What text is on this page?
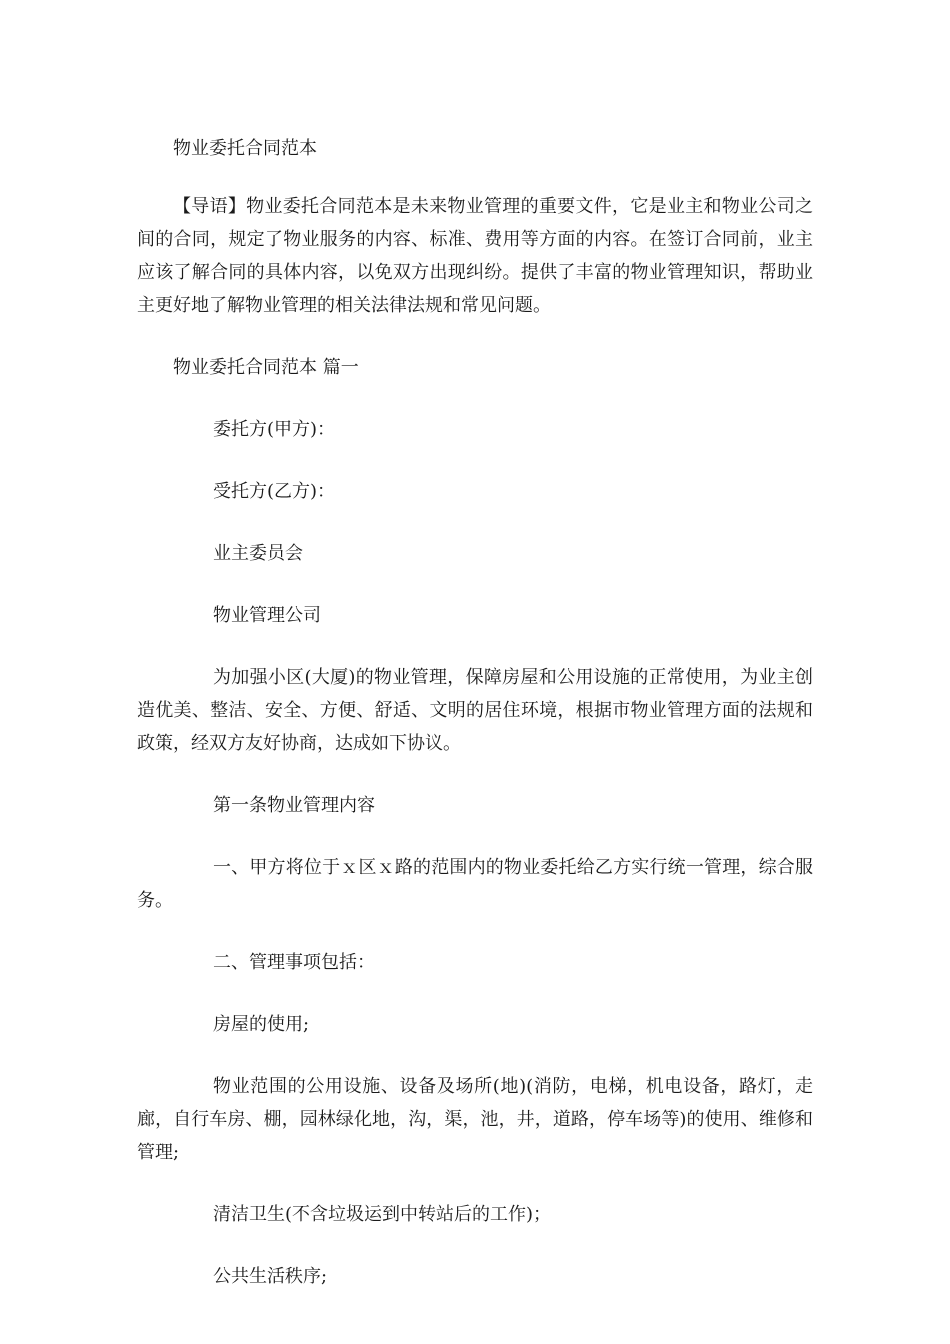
物业委托合同范本

【导语】物业委托合同范本是未来物业管理的重要文件，它是业主和物业公司之间的合同，规定了物业服务的内容、标准、费用等方面的内容。在签订合同前，业主应该了解合同的具体内容，以免双方出现纠纷。提供了丰富的物业管理知识，帮助业主更好地了解物业管理的相关法律法规和常见问题。

物业委托合同范本 篇一

委托方(甲方)：

受托方(乙方)：

业主委员会

物业管理公司

为加强小区(大厦)的物业管理，保障房屋和公用设施的正常使用，为业主创造优美、整洁、安全、方便、舒适、文明的居住环境，根据市物业管理方面的法规和政策，经双方友好协商，达成如下协议。

第一条物业管理内容

一、甲方将位于ｘ区ｘ路的范围内的物业委托给乙方实行统一管理，综合服务。

二、管理事项包括：

房屋的使用;

物业范围的公用设施、设备及场所(地)(消防，电梯，机电设备，路灯，走廊，自行车房、棚，园林绿化地，沟，渠，池，井，道路，停车场等)的使用、维修和管理;

清洁卫生(不含垃圾运到中转站后的工作)；

公共生活秩序;
